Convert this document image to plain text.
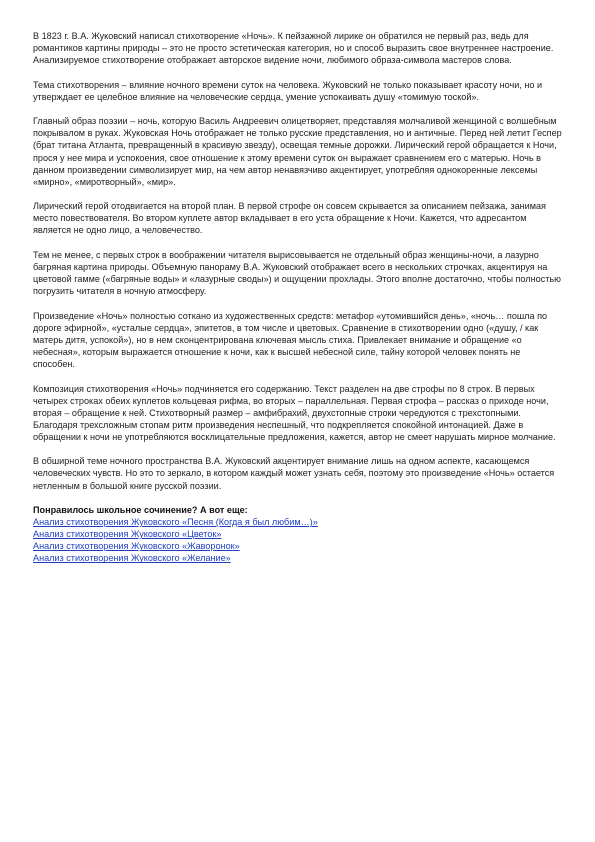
В 1823 г. В.А. Жуковский написал стихотворение «Ночь». К пейзажной лирике он обратился не первый раз, ведь для романтиков картины природы – это не просто эстетическая категория, но и способ выразить свое внутреннее настроение. Анализируемое стихотворение отображает авторское видение ночи, любимого образа-символа мастеров слова.

Тема стихотворения – влияние ночного времени суток на человека. Жуковский не только показывает красоту ночи, но и утверждает ее целебное влияние на человеческие сердца, умение успокаивать душу «томимую тоской».

Главный образ поэзии – ночь, которую Василь Андреевич олицетворяет, представляя молчаливой женщиной с волшебным покрывалом в руках. Жуковская Ночь отображает не только русские представления, но и античные. Перед ней летит Геспер (брат титана Атланта, превращенный в красивую звезду), освещая темные дорожки. Лирический герой обращается к Ночи, прося у нее мира и успокоения, свое отношение к этому времени суток он выражает сравнением его с матерью. Ночь в данном произведении символизирует мир, на чем автор ненавязчиво акцентирует, употребляя однокоренные лексемы «мирно», «миротворный», «мир».

Лирический герой отодвигается на второй план. В первой строфе он совсем скрывается за описанием пейзажа, занимая место повествователя. Во втором куплете автор вкладывает в его уста обращение к Ночи. Кажется, что адресантом является не одно лицо, а человечество.

Тем не менее, с первых строк в воображении читателя вырисовывается не отдельный образ женщины-ночи, а лазурно багряная картина природы. Объемную панораму В.А. Жуковский отображает всего в нескольких строчках, акцентируя на цветовой гамме («багряные воды» и «лазурные своды») и ощущении прохлады. Этого вполне достаточно, чтобы полностью погрузить читателя в ночную атмосферу.

Произведение «Ночь» полностью соткано из художественных средств: метафор «утомившийся день», «ночь… пошла по дороге эфирной», «усталые сердца», эпитетов, в том числе и цветовых. Сравнение в стихотворении одно («душу, / как матерь дитя, успокой»), но в нем сконцентрирована ключевая мысль стиха. Привлекает внимание и обращение «о небесная», которым выражается отношение к ночи, как к высшей небесной силе, тайну которой человек понять не способен.

Композиция стихотворения «Ночь» подчиняется его содержанию. Текст разделен на две строфы по 8 строк. В первых четырех строках обеих куплетов кольцевая рифма, во вторых – параллельная. Первая строфа – рассказ о приходе ночи, вторая – обращение к ней. Стихотворный размер – амфибрахий, двухстопные строки чередуются с трехстопными. Благодаря трехсложным стопам ритм произведения неспешный, что подкрепляется спокойной интонацией. Даже в обращении к ночи не употребляются восклицательные предложения, кажется, автор не смеет нарушать мирное молчание.

В обширной теме ночного пространства В.А. Жуковский акцентирует внимание лишь на одном аспекте, касающемся человеческих чувств. Но это то зеркало, в котором каждый может узнать себя, поэтому это произведение «Ночь» остается нетленным в большой книге русской поэзии.

Понравилось школьное сочинение? А вот еще:

Анализ стихотворения Жуковского «Песня (Когда я был любим…)»
Анализ стихотворения Жуковского «Цветок»
Анализ стихотворения Жуковского «Жаворонок»
Анализ стихотворения Жуковского «Желание»
